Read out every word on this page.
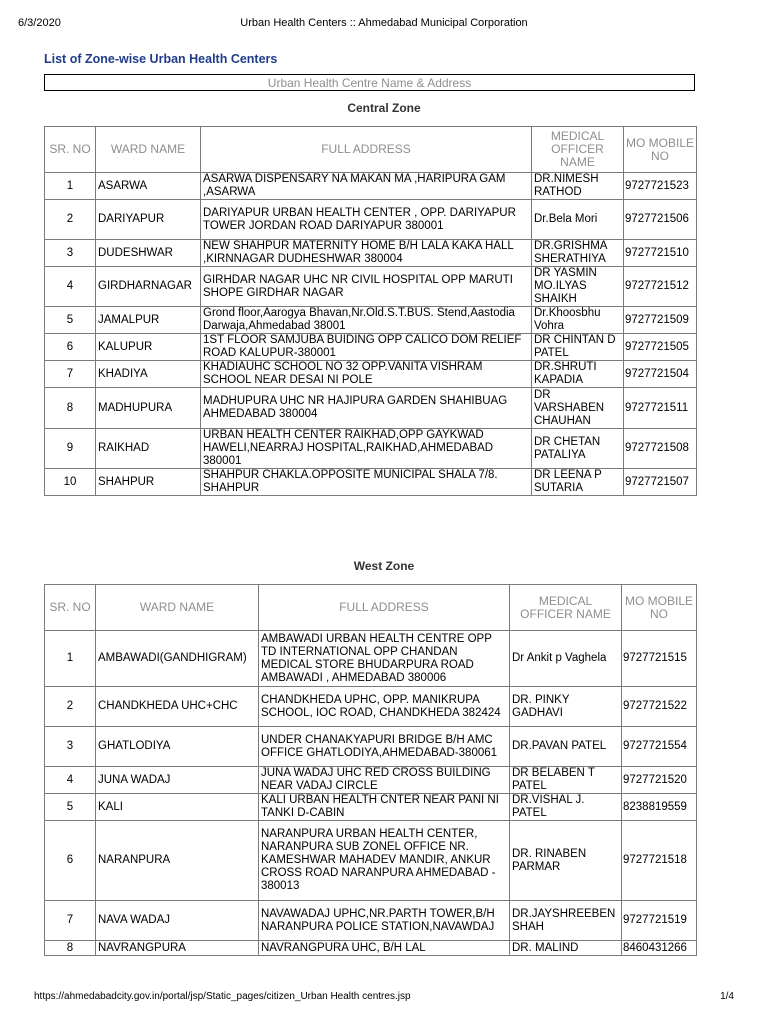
6/3/2020	Urban Health Centers :: Ahmedabad Municipal Corporation
List of Zone-wise Urban Health Centers
Urban Health Centre Name & Address
Central Zone
SR. NO	WARD NAME	FULL ADDRESS	MEDICAL OFFICER NAME	MO MOBILE NO
1	ASARWA	ASARWA DISPENSARY NA MAKAN MA ,HARIPURA GAM ,ASARWA	DR.NIMESH RATHOD	9727721523
2	DARIYAPUR	DARIYAPUR URBAN HEALTH CENTER , OPP. DARIYAPUR TOWER JORDAN ROAD DARIYAPUR 380001	Dr.Bela Mori	9727721506
3	DUDESHWAR	NEW SHAHPUR MATERNITY HOME B/H LALA KAKA HALL ,KIRNNAGAR DUDHESHWAR 380004	DR.GRISHMA SHERATHIYA	9727721510
4	GIRDHARNAGAR	GIRHDAR NAGAR UHC NR CIVIL HOSPITAL OPP MARUTI SHOPE GIRDHAR NAGAR	DR YASMIN MO.ILYAS SHAIKH	9727721512
5	JAMALPUR	Grond floor,Aarogya Bhavan,Nr.Old.S.T.BUS. Stend,Aastodia Darwaja,Ahmedabad 38001	Dr.Khoosbhu Vohra	9727721509
6	KALUPUR	1ST FLOOR SAMJUBA BUIDING OPP CALICO DOM RELIEF ROAD KALUPUR-380001	DR CHINTAN D PATEL	9727721505
7	KHADIYA	KHADIAUHC SCHOOL NO 32 OPP.VANITA VISHRAM SCHOOL NEAR DESAI NI POLE	DR.SHRUTI KAPADIA	9727721504
8	MADHUPURA	MADHUPURA UHC NR HAJIPURA GARDEN SHAHIBUAG AHMEDABAD 380004	DR VARSHABEN CHAUHAN	9727721511
9	RAIKHAD	URBAN HEALTH CENTER RAIKHAD,OPP GAYKWAD HAWELI,NEARRAJ HOSPITAL,RAIKHAD,AHMEDABAD 380001	DR CHETAN PATALIYA	9727721508
10	SHAHPUR	SHAHPUR CHAKLA.OPPOSITE MUNICIPAL SHALA 7/8. SHAHPUR	DR LEENA P SUTARIA	9727721507
West Zone
SR. NO	WARD NAME	FULL ADDRESS	MEDICAL OFFICER NAME	MO MOBILE NO
1	AMBAWADI(GANDHIGRAM)	AMBAWADI URBAN HEALTH CENTRE OPP TD INTERNATIONAL OPP CHANDAN MEDICAL STORE BHUDARPURA ROAD AMBAWADI , AHMEDABAD 380006	Dr Ankit p Vaghela	9727721515
2	CHANDKHEDA UHC+CHC	CHANDKHEDA UPHC, OPP. MANIKRUPA SCHOOL, IOC ROAD, CHANDKHEDA 382424	DR. PINKY GADHAVI	9727721522
3	GHATLODIYA	UNDER CHANAKYAPURI BRIDGE B/H AMC OFFICE GHATLODIYA,AHMEDABAD-380061	DR.PAVAN PATEL	9727721554
4	JUNA WADAJ	JUNA WADAJ UHC RED CROSS BUILDING NEAR VADAJ CIRCLE	DR BELABEN T PATEL	9727721520
5	KALI	KALI URBAN HEALTH CNTER NEAR PANI NI TANKI D-CABIN	DR.VISHAL J. PATEL	8238819559
6	NARANPURA	NARANPURA URBAN HEALTH CENTER, NARANPURA SUB ZONEL OFFICE NR. KAMESHWAR MAHADEV MANDIR, ANKUR CROSS ROAD NARANPURA AHMEDABAD - 380013	DR. RINABEN PARMAR	9727721518
7	NAVA WADAJ	NAVAWADAJ UPHC,NR.PARTH TOWER,B/H NARANPURA POLICE STATION,NAVAWDAJ	DR.JAYSHREEBEN SHAH	9727721519
8	NAVRANGPURA	NAVRANGPURA UHC, B/H LAL	DR. MALIND	8460431266
https://ahmedabadcity.gov.in/portal/jsp/Static_pages/citizen_Urban Health centres.jsp	1/4
